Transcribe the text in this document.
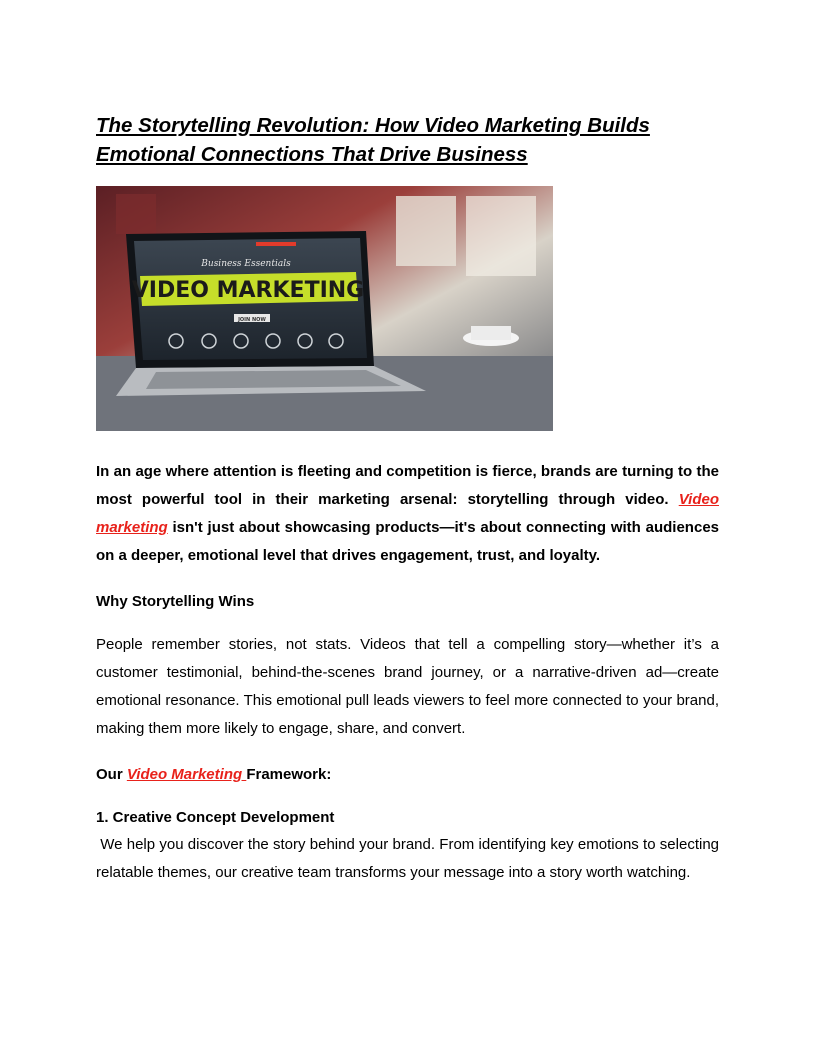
The Storytelling Revolution: How Video Marketing Builds Emotional Connections That Drive Business
Business Essentials
VIDEO MARKETING
JOIN NOW

In an age where attention is fleeting and competition is fierce, brands are turning to the most powerful tool in their marketing arsenal: storytelling through video. Video marketing isn't just about showcasing products—it's about connecting with audiences on a deeper, emotional level that drives engagement, trust, and loyalty.

Why Storytelling Wins

People remember stories, not stats. Videos that tell a compelling story—whether it’s a customer testimonial, behind-the-scenes brand journey, or a narrative-driven ad—create emotional resonance. This emotional pull leads viewers to feel more connected to your brand, making them more likely to engage, share, and convert.

Our Video Marketing Framework:
1. Creative Concept Development

We help you discover the story behind your brand. From identifying key emotions to selecting relatable themes, our creative team transforms your message into a story worth watching.
